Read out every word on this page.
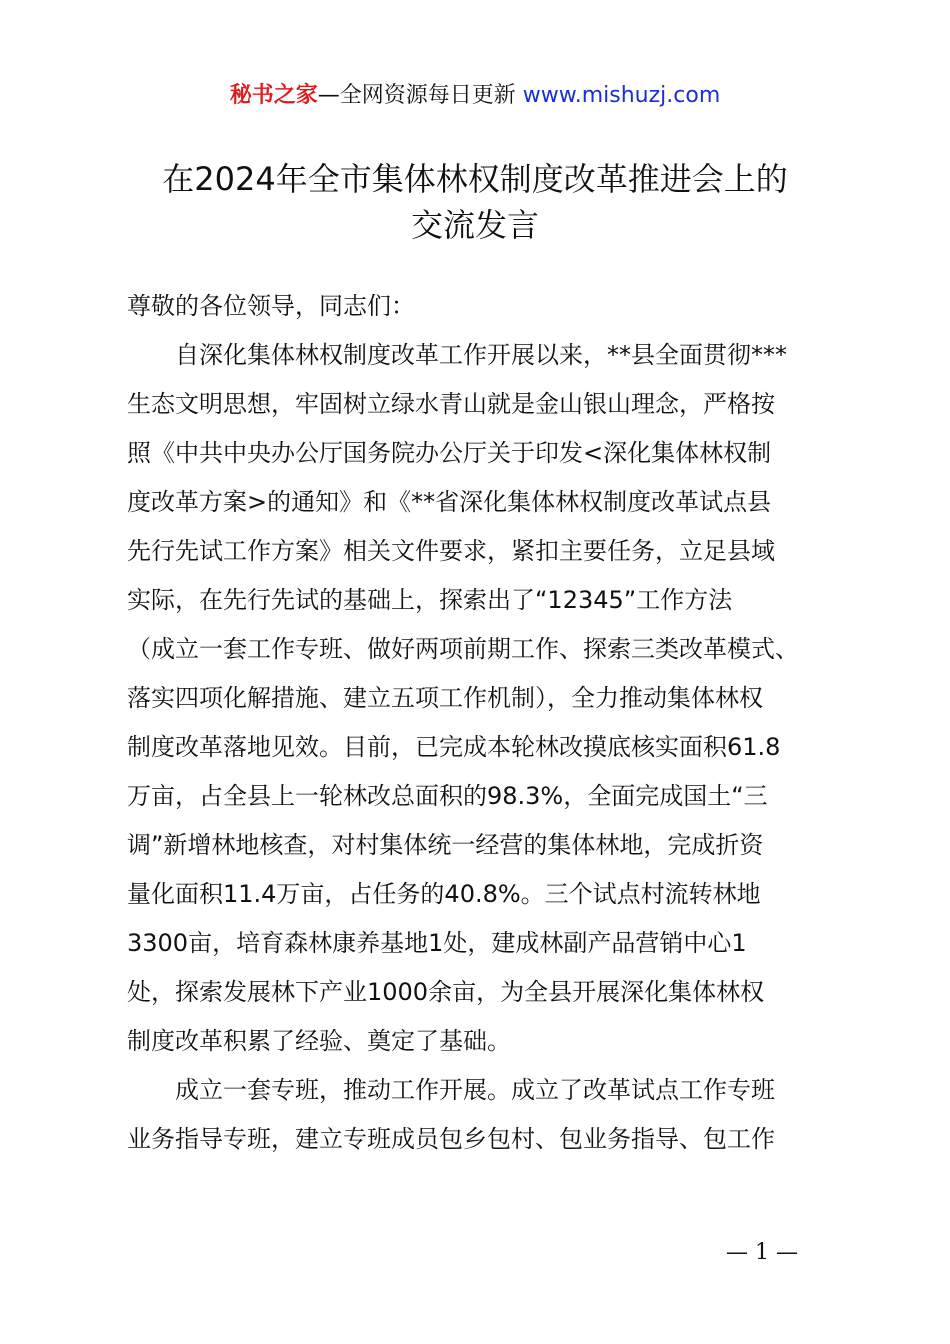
秘书之家—全网资源每日更新 www.mishuzj.com
在2024年全市集体林权制度改革推进会上的
交流发言
尊敬的各位领导，同志们：
　　自深化集体林权制度改革工作开展以来，**县全面贯彻***
生态文明思想，牢固树立绿水青山就是金山银山理念，严格按
照《中共中央办公厅国务院办公厅关于印发<深化集体林权制
度改革方案>的通知》和《**省深化集体林权制度改革试点县
先行先试工作方案》相关文件要求，紧扣主要任务，立足县域
实际，在先行先试的基础上，探索出了“12345”工作方法
（成立一套工作专班、做好两项前期工作、探索三类改革模式、
落实四项化解措施、建立五项工作机制），全力推动集体林权
制度改革落地见效。目前，已完成本轮林改摸底核实面积61.8
万亩，占全县上一轮林改总面积的98.3%，全面完成国土“三
调”新增林地核查，对村集体统一经营的集体林地，完成折资
量化面积11.4万亩，占任务的40.8%。三个试点村流转林地
3300亩，培育森林康养基地1处，建成林副产品营销中心1
处，探索发展林下产业1000余亩，为全县开展深化集体林权
制度改革积累了经验、奠定了基础。
　　成立一套专班，推动工作开展。成立了改革试点工作专班
业务指导专班，建立专班成员包乡包村、包业务指导、包工作
— 1 —
